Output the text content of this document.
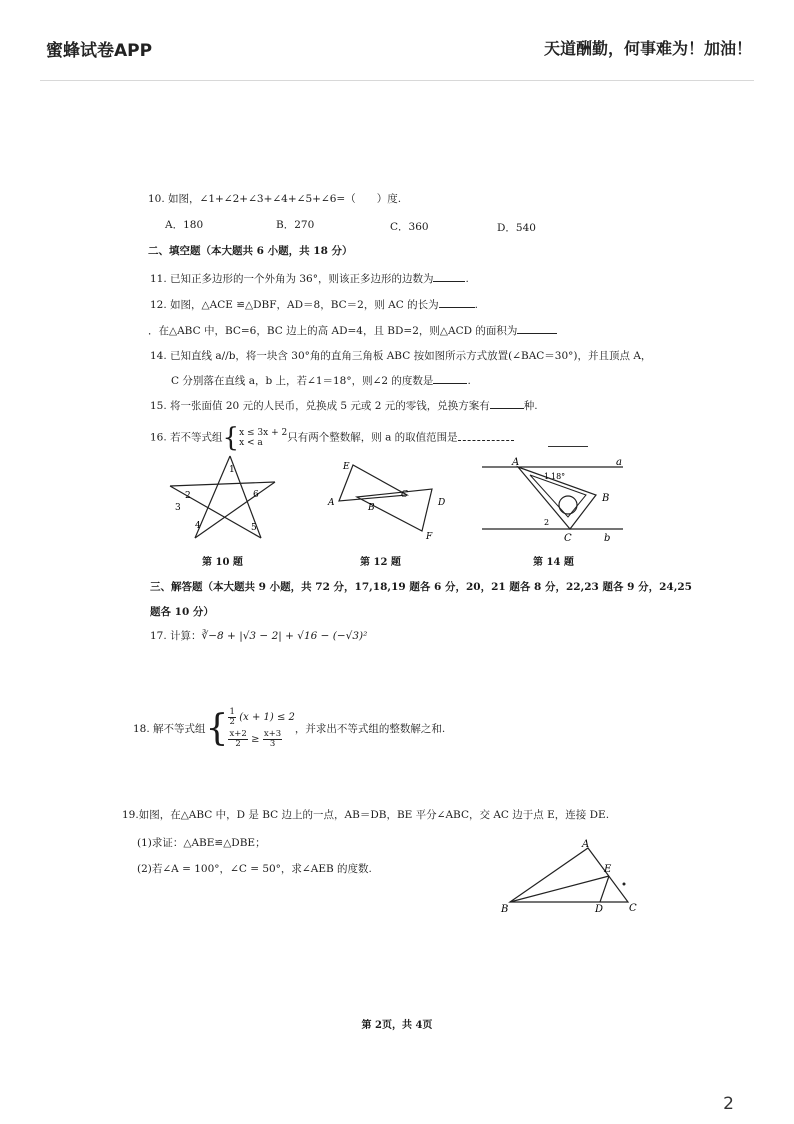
蜜蜂试卷APP	天道酬勤，何事难为！加油！
10. 如图，∠1+∠2+∠3+∠4+∠5+∠6=（　　）度.
A．180	B．270	C．360	D．540
二、填空题（本大题共 6 小题，共 18 分）
11. 已知正多边形的一个外角为 36°，则该正多边形的边数为	.
12. 如图，△ACE ≌△DBF，AD＝8，BC＝2，则 AC 的长为	.
．在△ABC 中，BC=6，BC 边上的高 AD=4，且 BD=2，则△ACD 的面积为
14. 已知直线 a//b，将一块含 30°角的直角三角板 ABC 按如图所示方式放置(∠BAC＝30°)，并且顶点 A，
C 分别落在直线 a，b 上，若∠1＝18°，则∠2 的度数是	.
15. 将一张面值 20 元的人民币，兑换成 5 元或 2 元的零钱，兑换方案有	种.
16. 若不等式组{ x ≤ 3x + 2
x < a	只有两个整数解，则 a 的取值范围是
1
2
3
4	5
6
第 10 题
E
A	B
C
D
F
第 12 题
A	a
B
C	b
1
2
18°
第 14 题
三、解答题（本大题共 9 小题，共 72 分，17,18,19 题各 6 分，20，21 题各 8 分，22,23 题各 9 分，24,25
题各 10 分）
17. 计算：∛−8 + |√3 − 2| + √16 − (−√3)²
18. 解不等式组{ $\frac{1}{2} (x + 1) \le 2$
$\frac{x+2}{2} \ge \frac{x+3}{3}$
，并求出不等式组的整数解之和.
19.如图，在△ABC 中，D 是 BC 边上的一点，AB＝DB，BE 平分∠ABC，交 AC 边于点 E，连接 DE.
(1)求证：△ABE≌△DBE；
(2)若∠A = 100°，∠C = 50°，求∠AEB 的度数.
A
E
B	D	C
第 2页，共 4页
2
